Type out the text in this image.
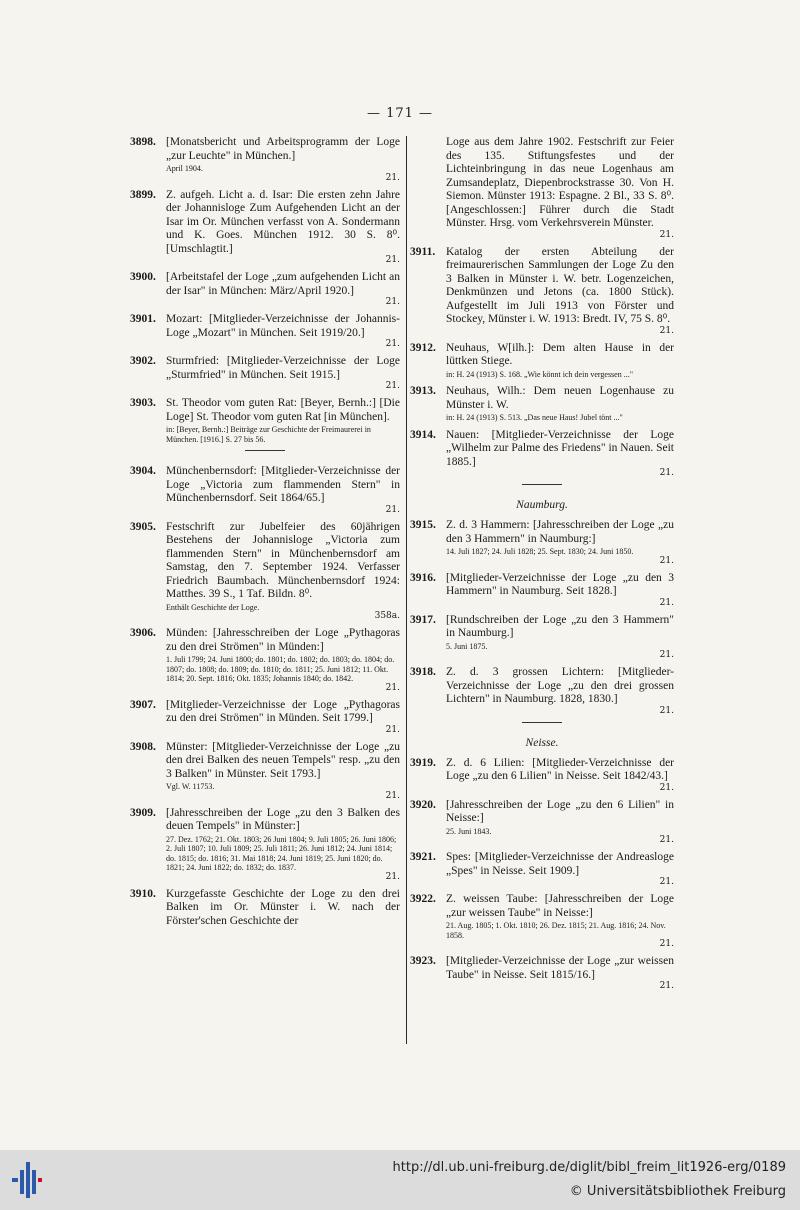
— 171 —
3898. [Monatsbericht und Arbeitsprogramm der Loge „zur Leuchte" in München.]
April 1904.
21.
3899. Z. aufgeh. Licht a. d. Isar: Die ersten zehn Jahre der Johannisloge Zum Aufgehenden Licht an der Isar im Or. München verfasst von A. Sondermann und K. Goes. München 1912. 30 S. 8⁰. [Umschlagtit.]
21.
3900. [Arbeitstafel der Loge „zum aufgehenden Licht an der Isar" in München: März/April 1920.]
21.
3901. Mozart: [Mitglieder-Verzeichnisse der Johannis-Loge „Mozart" in München. Seit 1919/20.]
21.
3902. Sturmfried: [Mitglieder-Verzeichnisse der Loge „Sturmfried" in München. Seit 1915.]
21.
3903. St. Theodor vom guten Rat: [Beyer, Bernh.:] [Die Loge] St. Theodor vom guten Rat [in München].
in: [Beyer, Bernh.:] Beiträge zur Geschichte der Freimaurerei in München. [1916.] S. 27 bis 56.
3904. Münchenbernsdorf: [Mitglieder-Verzeichnisse der Loge „Victoria zum flammenden Stern" in Münchenbernsdorf. Seit 1864/65.]
21.
3905. Festschrift zur Jubelfeier des 60jährigen Bestehens der Johannisloge „Victoria zum flammenden Stern" in Münchenbernsdorf am Samstag, den 7. September 1924. Verfasser Friedrich Baumbach. Münchenbernsdorf 1924: Matthes. 39 S., 1 Taf. Bildn. 8⁰.
Enthält Geschichte der Loge.
358a.
3906. Münden: [Jahresschreiben der Loge „Pythagoras zu den drei Strömen" in Münden:]
1. Juli 1799; 24. Juni 1800; do. 1801; do. 1802; do. 1803; do. 1804; do. 1807; do. 1808; do. 1809; do. 1810; do. 1811; 25. Juni 1812; 11. Okt. 1814; 20. Sept. 1816; Okt. 1835; Johannis 1840; do. 1842.
21.
3907. [Mitglieder-Verzeichnisse der Loge „Pythagoras zu den drei Strömen" in Münden. Seit 1799.]
21.
3908. Münster: [Mitglieder-Verzeichnisse der Loge „zu den drei Balken des neuen Tempels" resp. „zu den 3 Balken" in Münster. Seit 1793.]
Vgl. W. 11753.
21.
3909. [Jahresschreiben der Loge „zu den 3 Balken des deuen Tempels" in Münster:]
27. Dez. 1762; 21. Okt. 1803; 26 Juni 1804; 9. Juli 1805; 26. Juni 1806; 2. Juli 1807; 10. Juli 1809; 25. Juli 1811; 26. Juni 1812; 24. Juni 1814; do. 1815; do. 1816; 31. Mai 1818; 24. Juni 1819; 25. Juni 1820; do. 1821; 24. Juni 1822; do. 1832; do. 1837.
21.
3910. Kurzgefasste Geschichte der Loge zu den drei Balken im Or. Münster i. W. nach der Förster'schen Geschichte der
Loge aus dem Jahre 1902. Festschrift zur Feier des 135. Stiftungsfestes und der Lichteinbringung in das neue Logenhaus am Zumsandeplatz, Diepenbrockstrasse 30. Von H. Siemon. Münster 1913: Espagne. 2 Bl., 33 S. 8⁰. [Angeschlossen:] Führer durch die Stadt Münster. Hrsg. vom Verkehrsverein Münster.
21.
3911. Katalog der ersten Abteilung der freimaurerischen Sammlungen der Loge Zu den 3 Balken in Münster i. W. betr. Logenzeichen, Denkmünzen und Jetons (ca. 1800 Stück). Aufgestellt im Juli 1913 von Förster und Stockey, Münster i. W. 1913: Bredt. IV, 75 S. 8⁰.
21.
3912. Neuhaus, W[ilh.]: Dem alten Hause in der lüttken Stiege.
in: H. 24 (1913) S. 168. „Wie könnt ich dein vergessen ..."
3913. Neuhaus, Wilh.: Dem neuen Logenhause zu Münster i. W.
in: H. 24 (1913) S. 513. „Das neue Haus! Jubel tönt ..."
3914. Nauen: [Mitglieder-Verzeichnisse der Loge „Wilhelm zur Palme des Friedens" in Nauen. Seit 1885.]
21.
Naumburg.
3915. Z. d. 3 Hammern: [Jahresschreiben der Loge „zu den 3 Hammern" in Naumburg:]
14. Juli 1827; 24. Juli 1828; 25. Sept. 1830; 24. Juni 1850.
21.
3916. [Mitglieder-Verzeichnisse der Loge „zu den 3 Hammern" in Naumburg. Seit 1828.]
21.
3917. [Rundschreiben der Loge „zu den 3 Hammern" in Naumburg.]
5. Juni 1875.
21.
3918. Z. d. 3 grossen Lichtern: [Mitglieder-Verzeichnisse der Loge „zu den drei grossen Lichtern" in Naumburg. 1828, 1830.]
21.
Neisse.
3919. Z. d. 6 Lilien: [Mitglieder-Verzeichnisse der Loge „zu den 6 Lilien" in Neisse. Seit 1842/43.]
21.
3920. [Jahresschreiben der Loge „zu den 6 Lilien" in Neisse:]
25. Juni 1843.
21.
3921. Spes: [Mitglieder-Verzeichnisse der Andreasloge „Spes" in Neisse. Seit 1909.]
21.
3922. Z. weissen Taube: [Jahresschreiben der Loge „zur weissen Taube" in Neisse:]
21. Aug. 1805; 1. Okt. 1810; 26. Dez. 1815; 21. Aug. 1816; 24. Nov. 1858.
21.
3923. [Mitglieder-Verzeichnisse der Loge „zur weissen Taube" in Neisse. Seit 1815/16.]
21.
http://dl.ub.uni-freiburg.de/diglit/bibl_freim_lit1926-erg/0189
© Universitätsbibliothek Freiburg
